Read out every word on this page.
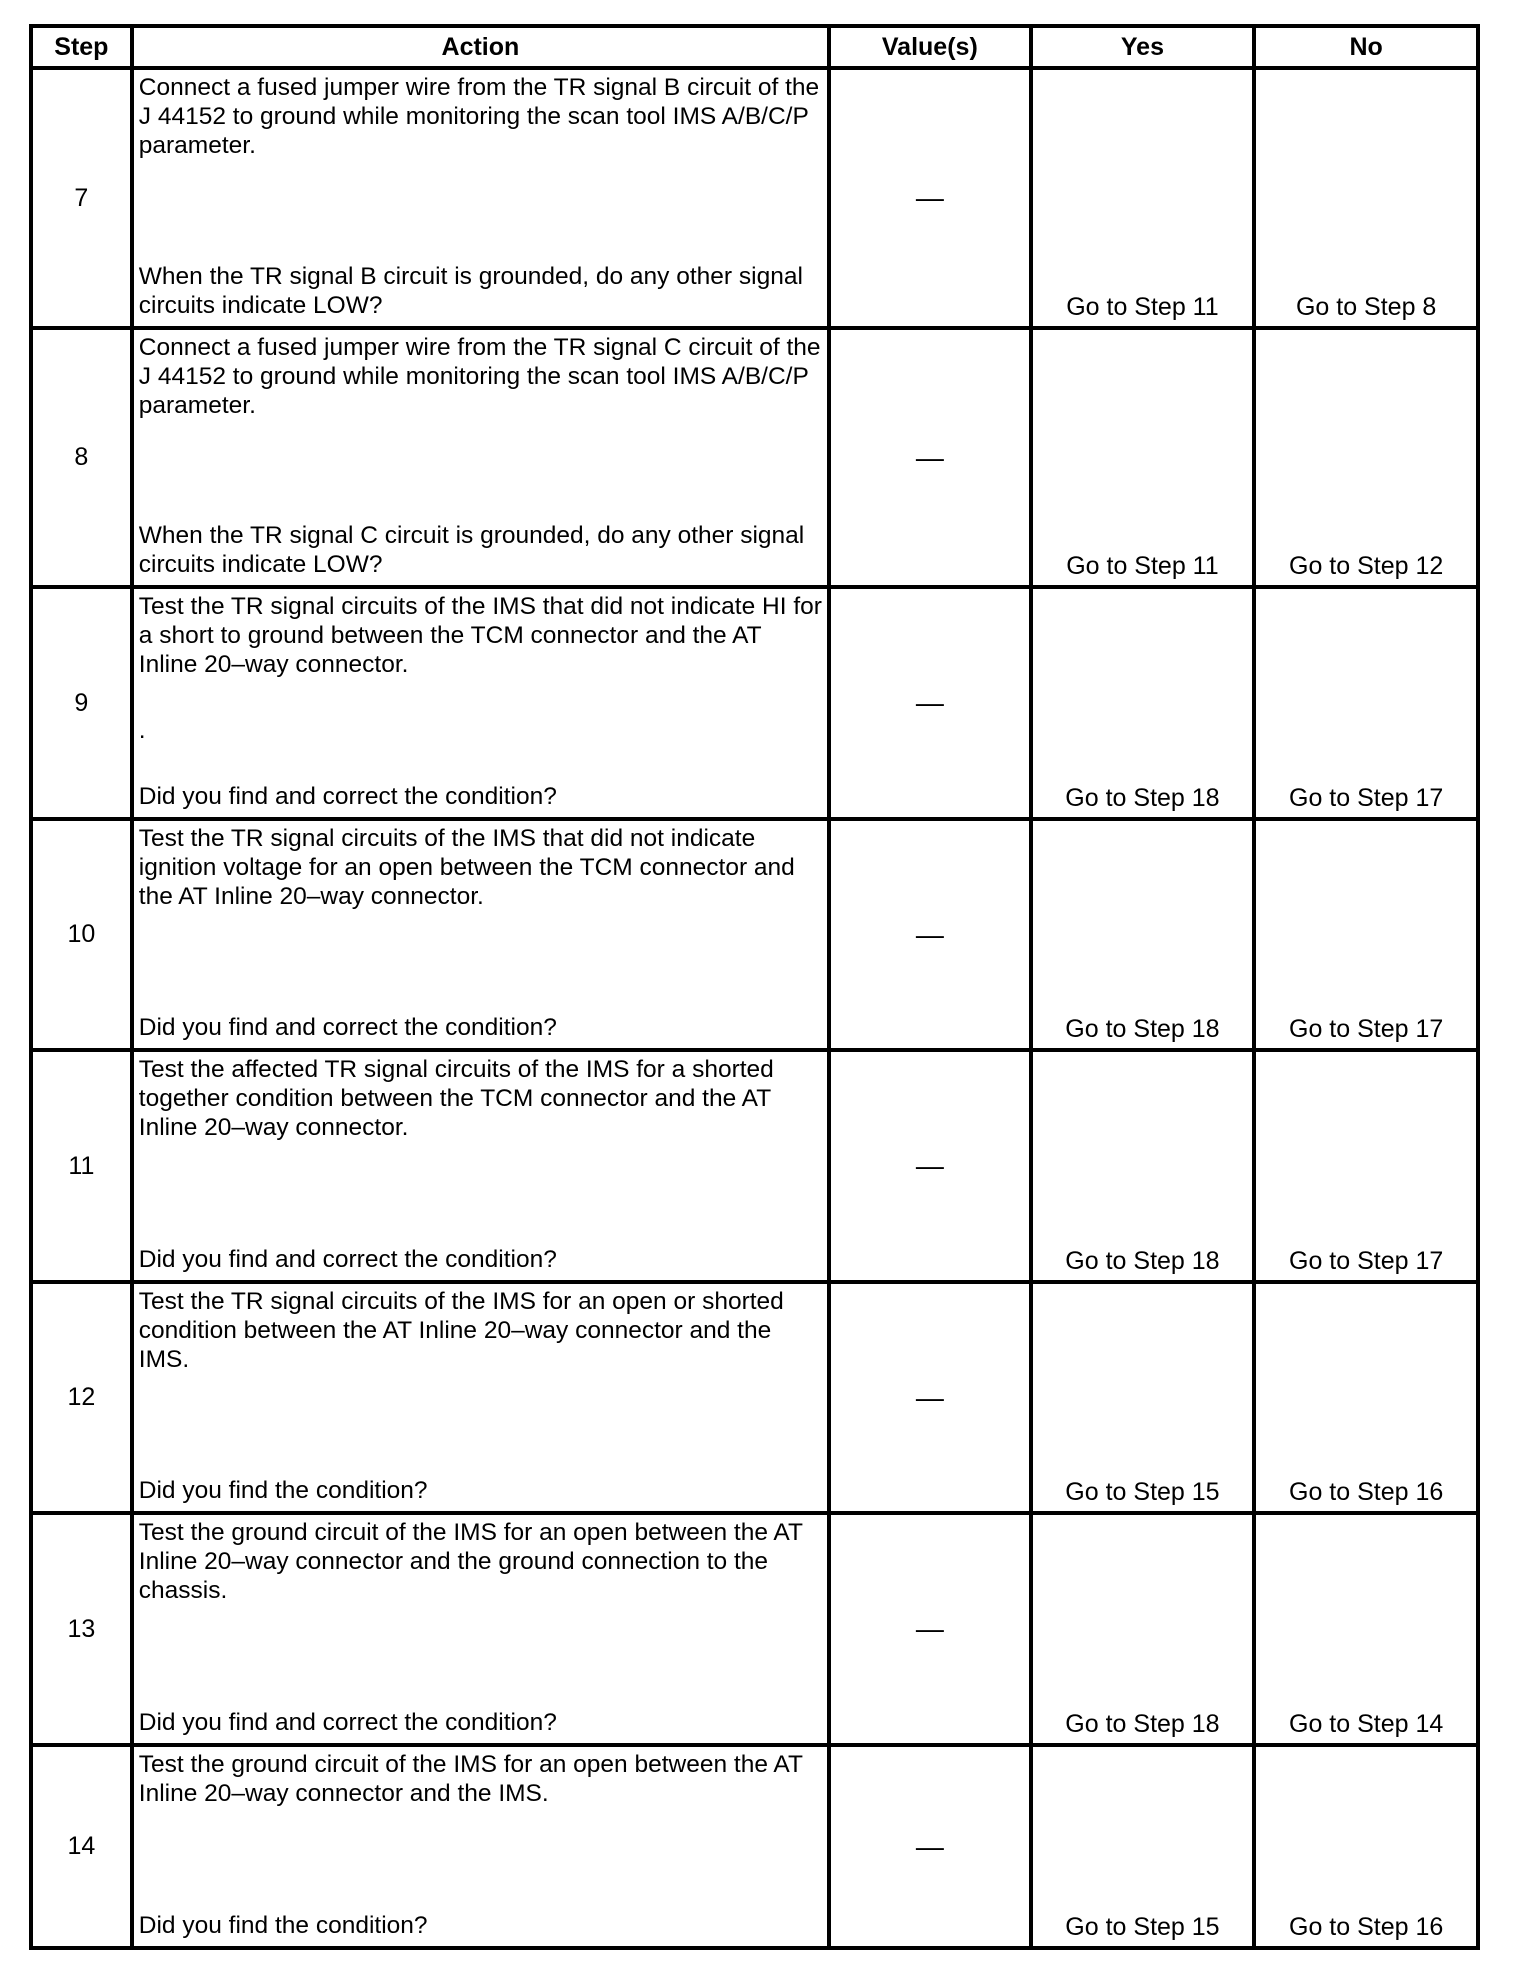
Step	Action	Value(s)	Yes	No
7	Connect a fused jumper wire from the TR signal B circuit of the J 44152 to ground while monitoring the scan tool IMS A/B/C/P parameter.
When the TR signal B circuit is grounded, do any other signal circuits indicate LOW?	—	Go to Step 11	Go to Step 8
8	Connect a fused jumper wire from the TR signal C circuit of the J 44152 to ground while monitoring the scan tool IMS A/B/C/P parameter.
When the TR signal C circuit is grounded, do any other signal circuits indicate LOW?	—	Go to Step 11	Go to Step 12
9	Test the TR signal circuits of the IMS that did not indicate HI for a short to ground between the TCM connector and the AT Inline 20–way connector.
.
Did you find and correct the condition?	—	Go to Step 18	Go to Step 17
10	Test the TR signal circuits of the IMS that did not indicate ignition voltage for an open between the TCM connector and the AT Inline 20–way connector.
Did you find and correct the condition?	—	Go to Step 18	Go to Step 17
11	Test the affected TR signal circuits of the IMS for a shorted together condition between the TCM connector and the AT Inline 20–way connector.
Did you find and correct the condition?	—	Go to Step 18	Go to Step 17
12	Test the TR signal circuits of the IMS for an open or shorted condition between the AT Inline 20–way connector and the IMS.
Did you find the condition?	—	Go to Step 15	Go to Step 16
13	Test the ground circuit of the IMS for an open between the AT Inline 20–way connector and the ground connection to the chassis.
Did you find and correct the condition?	—	Go to Step 18	Go to Step 14
14	Test the ground circuit of the IMS for an open between the AT Inline 20–way connector and the IMS.
Did you find the condition?	—	Go to Step 15	Go to Step 16
